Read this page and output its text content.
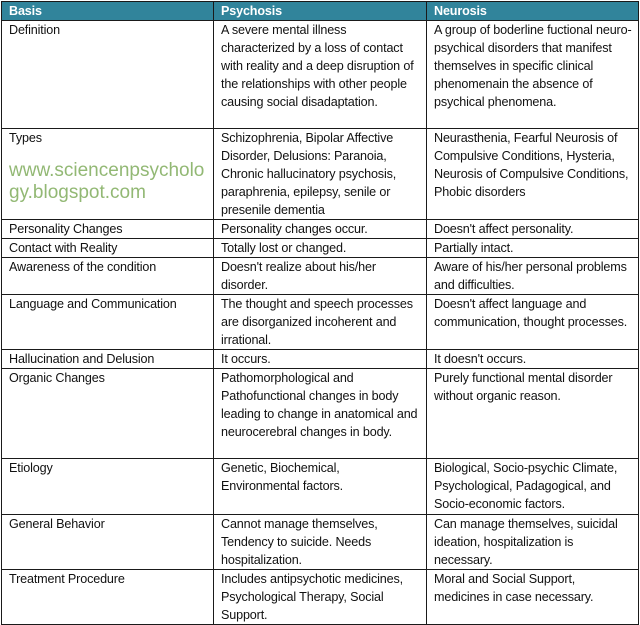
Basis	Psychosis	Neurosis
Definition	A severe mental illness characterized by a loss of contact with reality and a deep disruption of the relationships with other people causing social disadaptation.	A group of boderline fuctional neuro-psychical disorders that manifest themselves in specific clinical phenomenain the absence of psychical phenomena.
Types	Schizophrenia, Bipolar Affective Disorder, Delusions: Paranoia, Chronic hallucinatory psychosis, paraphrenia, epilepsy, senile or presenile dementia	Neurasthenia, Fearful Neurosis of Compulsive Conditions, Hysteria, Neurosis of Compulsive Conditions, Phobic disorders
Personality Changes	Personality changes occur.	Doesn't affect personality.
Contact with Reality	Totally lost or changed.	Partially intact.
Awareness of the condition	Doesn't realize about his/her disorder.	Aware of his/her personal problems and difficulties.
Language and Communication	The thought and speech processes are disorganized incoherent and irrational.	Doesn't affect language and communication, thought processes.
Hallucination and Delusion	It occurs.	It doesn't occurs.
Organic Changes	Pathomorphological and Pathofunctional changes in body leading to change in anatomical and neurocerebral changes in body.	Purely functional mental disorder without organic reason.
Etiology	Genetic, Biochemical, Environmental factors.	Biological, Socio-psychic Climate, Psychological, Padagogical, and Socio-economic factors.
General Behavior	Cannot manage themselves, Tendency to suicide. Needs hospitalization.	Can manage themselves, suicidal ideation, hospitalization is necessary.
Treatment Procedure	Includes antipsychotic medicines, Psychological Therapy, Social Support.	Moral and Social Support, medicines in case necessary.
www.sciencenpsychology.blogspot.com
